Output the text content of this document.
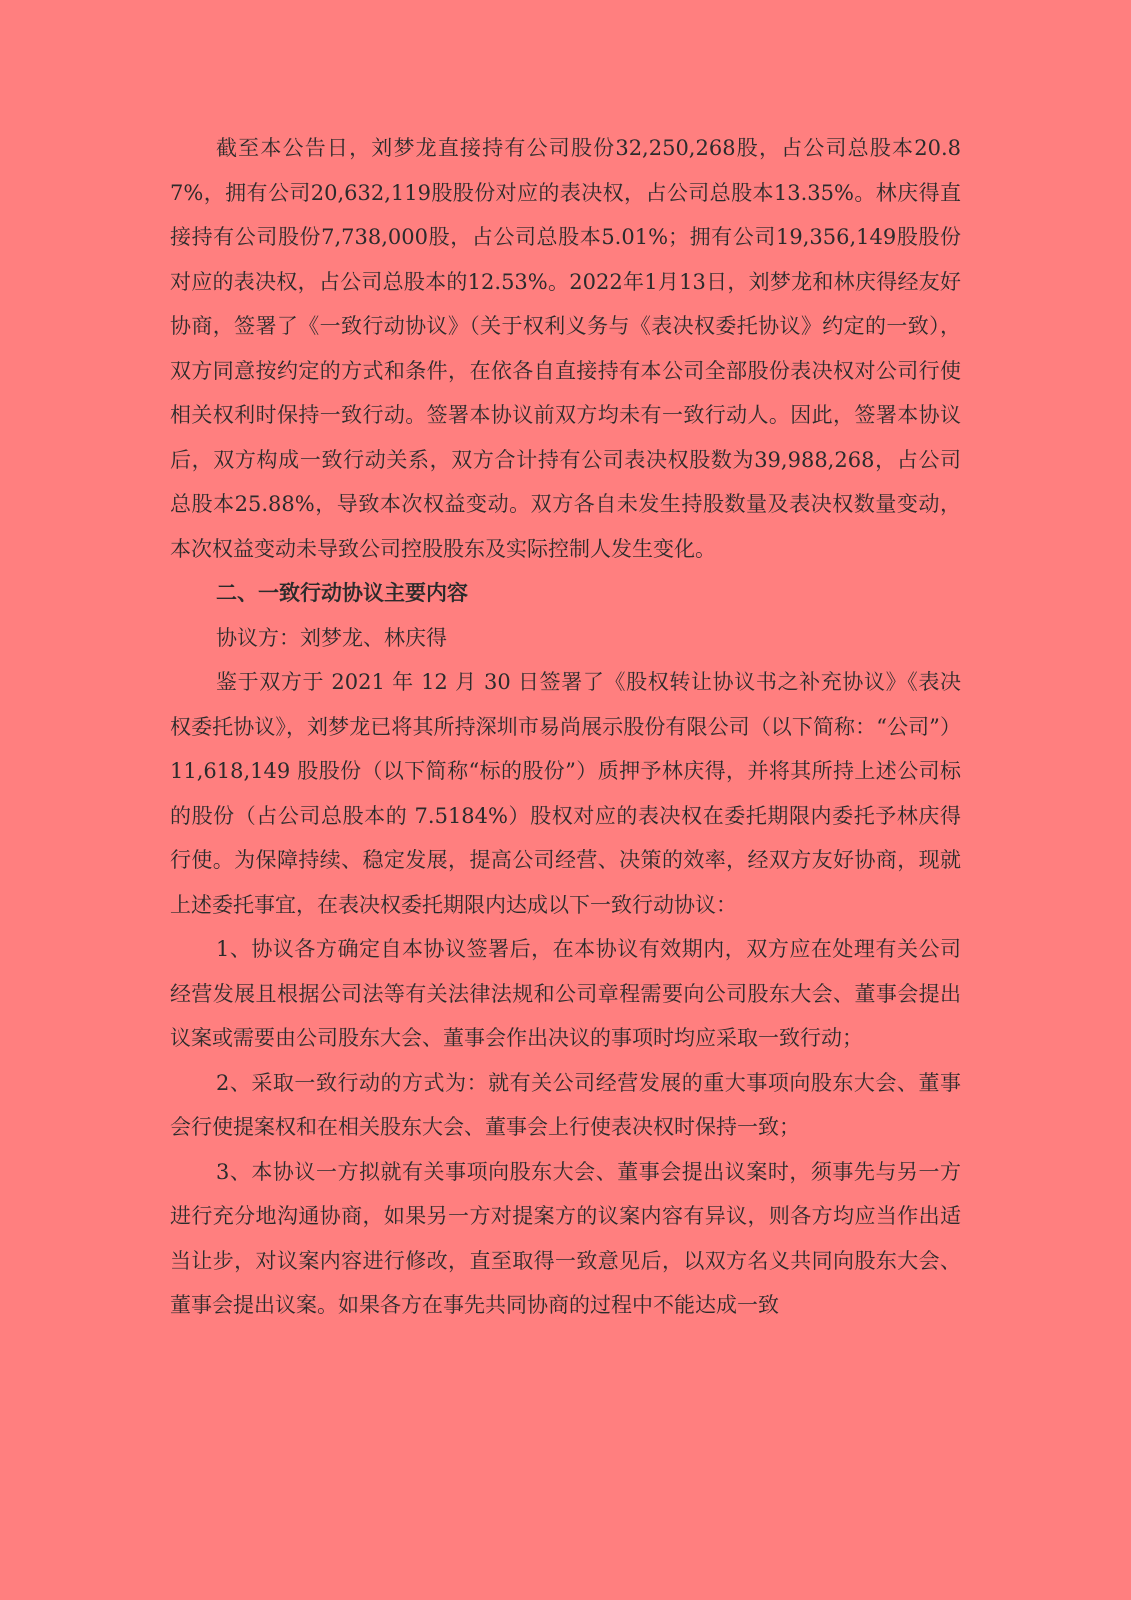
截至本公告日，刘梦龙直接持有公司股份32,250,268股，占公司总股本20.87%，拥有公司20,632,119股股份对应的表决权，占公司总股本13.35%。林庆得直接持有公司股份7,738,000股，占公司总股本5.01%；拥有公司19,356,149股股份对应的表决权，占公司总股本的12.53%。2022年1月13日，刘梦龙和林庆得经友好协商，签署了《一致行动协议》（关于权利义务与《表决权委托协议》约定的一致），双方同意按约定的方式和条件，在依各自直接持有本公司全部股份表决权对公司行使相关权利时保持一致行动。签署本协议前双方均未有一致行动人。因此，签署本协议后，双方构成一致行动关系，双方合计持有公司表决权股数为39,988,268，占公司总股本25.88%，导致本次权益变动。双方各自未发生持股数量及表决权数量变动，本次权益变动未导致公司控股股东及实际控制人发生变化。

二、一致行动协议主要内容

协议方：刘梦龙、林庆得

鉴于双方于 2021 年 12 月 30 日签署了《股权转让协议书之补充协议》《表决权委托协议》，刘梦龙已将其所持深圳市易尚展示股份有限公司（以下简称：“公司”）11,618,149 股股份（以下简称“标的股份”）质押予林庆得，并将其所持上述公司标的股份（占公司总股本的 7.5184%）股权对应的表决权在委托期限内委托予林庆得行使。为保障持续、稳定发展，提高公司经营、决策的效率，经双方友好协商，现就上述委托事宜，在表决权委托期限内达成以下一致行动协议：

1、协议各方确定自本协议签署后，在本协议有效期内，双方应在处理有关公司经营发展且根据公司法等有关法律法规和公司章程需要向公司股东大会、董事会提出议案或需要由公司股东大会、董事会作出决议的事项时均应采取一致行动；

2、采取一致行动的方式为：就有关公司经营发展的重大事项向股东大会、董事会行使提案权和在相关股东大会、董事会上行使表决权时保持一致；

3、本协议一方拟就有关事项向股东大会、董事会提出议案时，须事先与另一方进行充分地沟通协商，如果另一方对提案方的议案内容有异议，则各方均应当作出适当让步，对议案内容进行修改，直至取得一致意见后，以双方名义共同向股东大会、董事会提出议案。如果各方在事先共同协商的过程中不能达成一致
